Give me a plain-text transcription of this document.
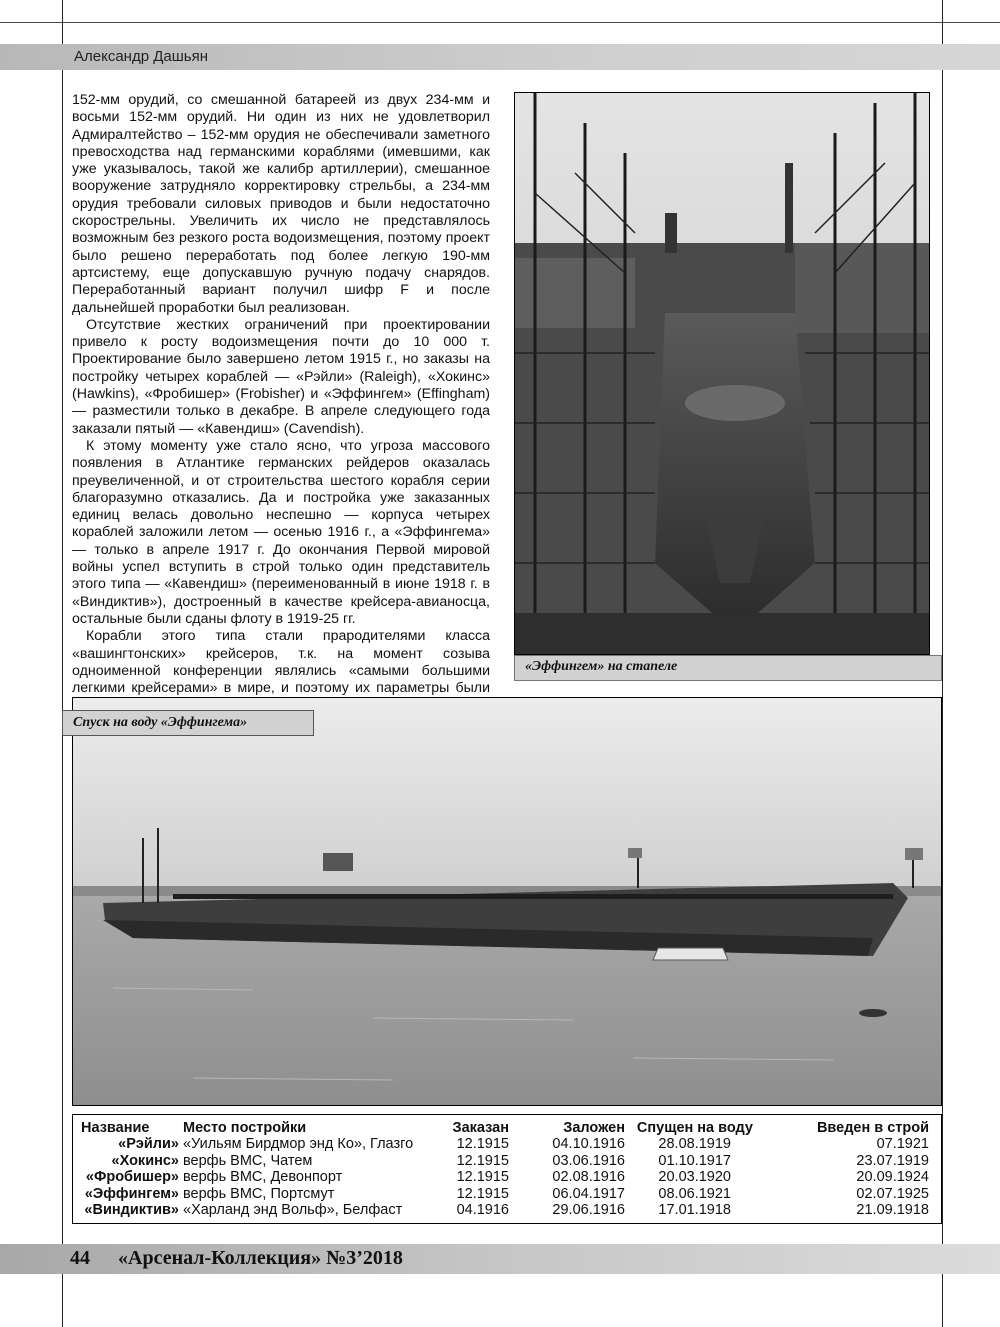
Александр Дашьян

152-мм орудий, со смешанной батареей из двух 234-мм и восьми 152-мм орудий. Ни один из них не удовлетворил Адмиралтейство – 152-мм орудия не обеспечивали заметного превосходства над германскими кораблями (имевшими, как уже указывалось, такой же калибр артиллерии), смешанное вооружение затрудняло корректировку стрельбы, а 234-мм орудия требовали силовых приводов и были недостаточно скорострельны. Увеличить их число не представлялось возможным без резкого роста водоизмещения, поэтому проект было решено переработать под более легкую 190-мм артсистему, еще допускавшую ручную подачу снарядов. Переработанный вариант получил шифр F и после дальнейшей проработки был реализован.

Отсутствие жестких ограничений при проектировании привело к росту водоизмещения почти до 10 000 т. Проектирование было завершено летом 1915 г., но заказы на постройку четырех кораблей — «Рэйли» (Raleigh), «Хокинс» (Hawkins), «Фробишер» (Frobisher) и «Эффингем» (Effingham) — разместили только в декабре. В апреле следующего года заказали пятый — «Кавендиш» (Cavendish).

К этому моменту уже стало ясно, что угроза массового появления в Атлантике германских рейдеров оказалась преувеличенной, и от строительства шестого корабля серии благоразумно отказались. Да и постройка уже заказанных единиц велась довольно неспешно — корпуса четырех кораблей заложили летом — осенью 1916 г., а «Эффингема» — только в апреле 1917 г. До окончания Первой мировой войны успел вступить в строй только один представитель этого типа — «Кавендиш» (переименованный в июне 1918 г. в «Виндиктив»), достроенный в качестве крейсера-авианосца, остальные были сданы флоту в 1919-25 гг.

Корабли этого типа стали прародителями класса «вашингтонских» крейсеров, т.к. на момент созыва одноименной конференции являлись «самыми большими легкими крейсерами» в мире, и поэтому их параметры были

«Эффингем» на стапеле
Спуск на воду «Эффингема»
Название	Место постройки	Заказан	Заложен	Спущен на воду	Введен в строй
«Рэйли»	«Уильям Бирдмор энд Ко», Глазго	12.1915	04.10.1916	28.08.1919	07.1921
«Хокинс»	верфь ВМС, Чатем	12.1915	03.06.1916	01.10.1917	23.07.1919
«Фробишер»	верфь ВМС, Девонпорт	12.1915	02.08.1916	20.03.1920	20.09.1924
«Эффингем»	верфь ВМС, Портсмут	12.1915	06.04.1917	08.06.1921	02.07.1925
«Виндиктив»	«Харланд энд Вольф», Белфаст	04.1916	29.06.1916	17.01.1918	21.09.1918
44 «Арсенал-Коллекция» №3’2018
